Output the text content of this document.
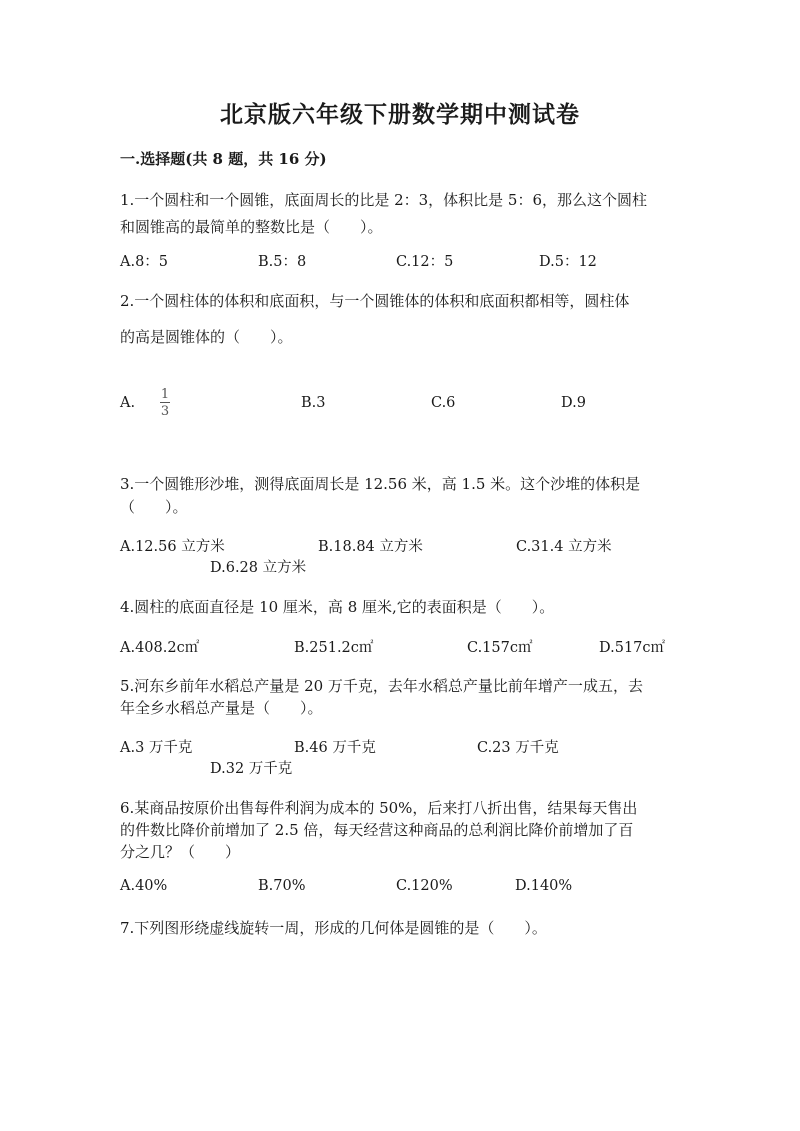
北京版六年级下册数学期中测试卷
一.选择题(共 8 题，共 16 分)
1.一个圆柱和一个圆锥，底面周长的比是 2：3，体积比是 5：6，那么这个圆柱
和圆锥高的最简单的整数比是（　　）。
A.8：5	B.5：8	C.12：5	D.5：12
2.一个圆柱体的体积和底面积，与一个圆锥体的体积和底面积都相等，圆柱体
的高是圆锥体的（　　）。
A.
1
3
B.3	C.6	D.9
3.一个圆锥形沙堆，测得底面周长是 12.56 米，高 1.5 米。这个沙堆的体积是
（　　）。
A.12.56 立方米	B.18.84 立方米	C.31.4 立方米
D.6.28 立方米
4.圆柱的底面直径是 10 厘米，高 8 厘米,它的表面积是（　　）。
A.408.2c㎡	B.251.2c㎡	C.157c㎡	D.517c㎡
5.河东乡前年水稻总产量是 20 万千克，去年水稻总产量比前年增产一成五，去
年全乡水稻总产量是（　　）。
A.3 万千克	B.46 万千克	C.23 万千克
D.32 万千克
6.某商品按原价出售每件利润为成本的 50%，后来打八折出售，结果每天售出
的件数比降价前增加了 2.5 倍，每天经营这种商品的总利润比降价前增加了百
分之几？（　　）
A.40%	B.70%	C.120%	D.140%
7.下列图形绕虚线旋转一周，形成的几何体是圆锥的是（　　）。
